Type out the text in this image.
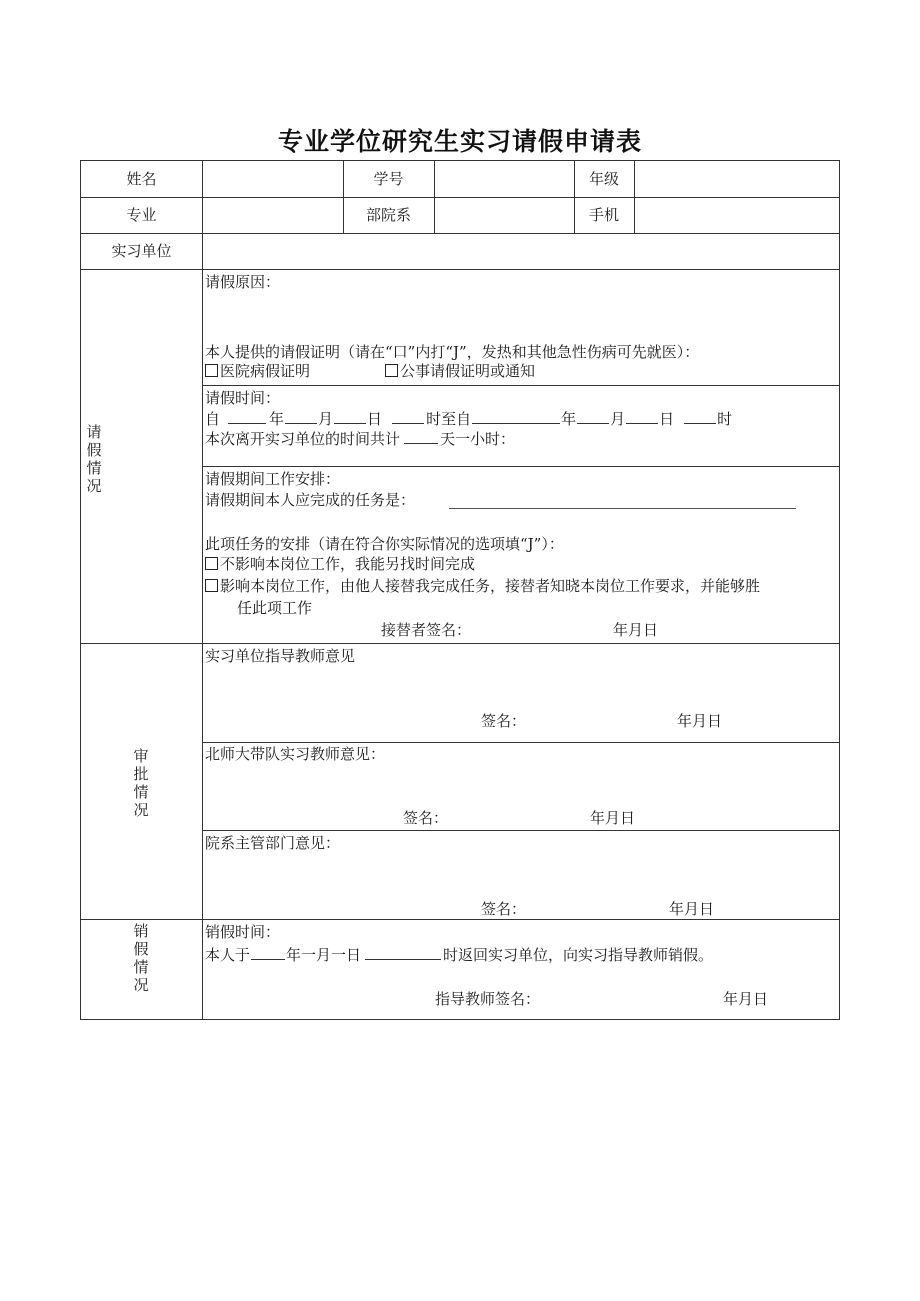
专业学位研究生实习请假申请表
姓名	学号	年级
专业	部院系	手机
实习单位
请假情况
请假原因：
本人提供的请假证明（请在“口”内打“J”，发热和其他急性伤病可先就医）：
医院病假证明	公事请假证明或通知
请假时间：
自	年 月 日	时至自	年 月 日	时
本次离开实习单位的时间共计	天一小时：
请假期间工作安排：
请假期间本人应完成的任务是：
此项任务的安排（请在符合你实际情况的选项填“J”）：
不影响本岗位工作，我能另找时间完成
影响本岗位工作，由他人接替我完成任务，接替者知晓本岗位工作要求，并能够胜
任此项工作
接替者签名：	年月日
审批情况
实习单位指导教师意见
签名：	年月日
北师大带队实习教师意见：
签名：	年月日
院系主管部门意见：
签名：	年月日
销假情况
销假时间：
本人于 年一月一日	时返回实习单位，向实习指导教师销假。
指导教师签名：	年月日
